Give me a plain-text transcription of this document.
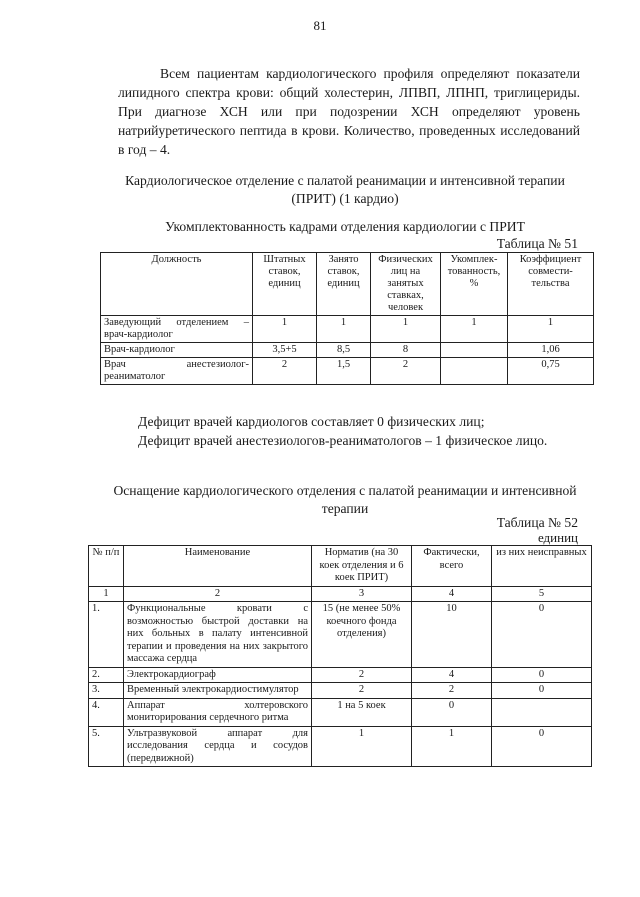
81

Всем пациентам кардиологического профиля определяют показатели липидного спектра крови: общий холестерин, ЛПВП, ЛПНП, триглицериды. При диагнозе ХСН или при подозрении ХСН определяют уровень натрийуретического пептида в крови. Количество, проведенных исследований в год – 4.

Кардиологическое отделение с палатой реанимации и интенсивной терапии (ПРИТ) (1 кардио)
Укомплектованность кадрами отделения кардиологии с ПРИТ
Таблица № 51
Должность	Штатных ставок, единиц	Занято ставок, единиц	Физических лиц на занятых ставках, человек	Укомплек-тованность, %	Коэффициент совмести-тельства
Заведующий отделением – врач-кардиолог	1	1	1	1	1
Врач-кардиолог	3,5+5	8,5	8		1,06
Врач анестезиолог-реаниматолог	2	1,5	2		0,75
Дефицит врачей кардиологов составляет 0 физических лиц;
Дефицит врачей анестезиологов-реаниматологов – 1 физическое лицо.
Оснащение кардиологического отделения с палатой реанимации и интенсивной терапии
Таблица № 52
единиц
№ п/п	Наименование	Норматив (на 30 коек отделения и 6 коек ПРИТ)	Фактически, всего	из них неисправных
1	2	3	4	5
1.	Функциональные кровати с возможностью быстрой доставки на них больных в палату интенсивной терапии и проведения на них закрытого массажа сердца	15 (не менее 50% коечного фонда отделения)	10	0
2.	Электрокардиограф	2	4	0
3.	Временный электрокардиостимулятор	2	2	0
4.	Аппарат холтеровского мониторирования сердечного ритма	1 на 5 коек	0	
5.	Ультразвуковой аппарат для исследования сердца и сосудов (передвижной)	1	1	0
